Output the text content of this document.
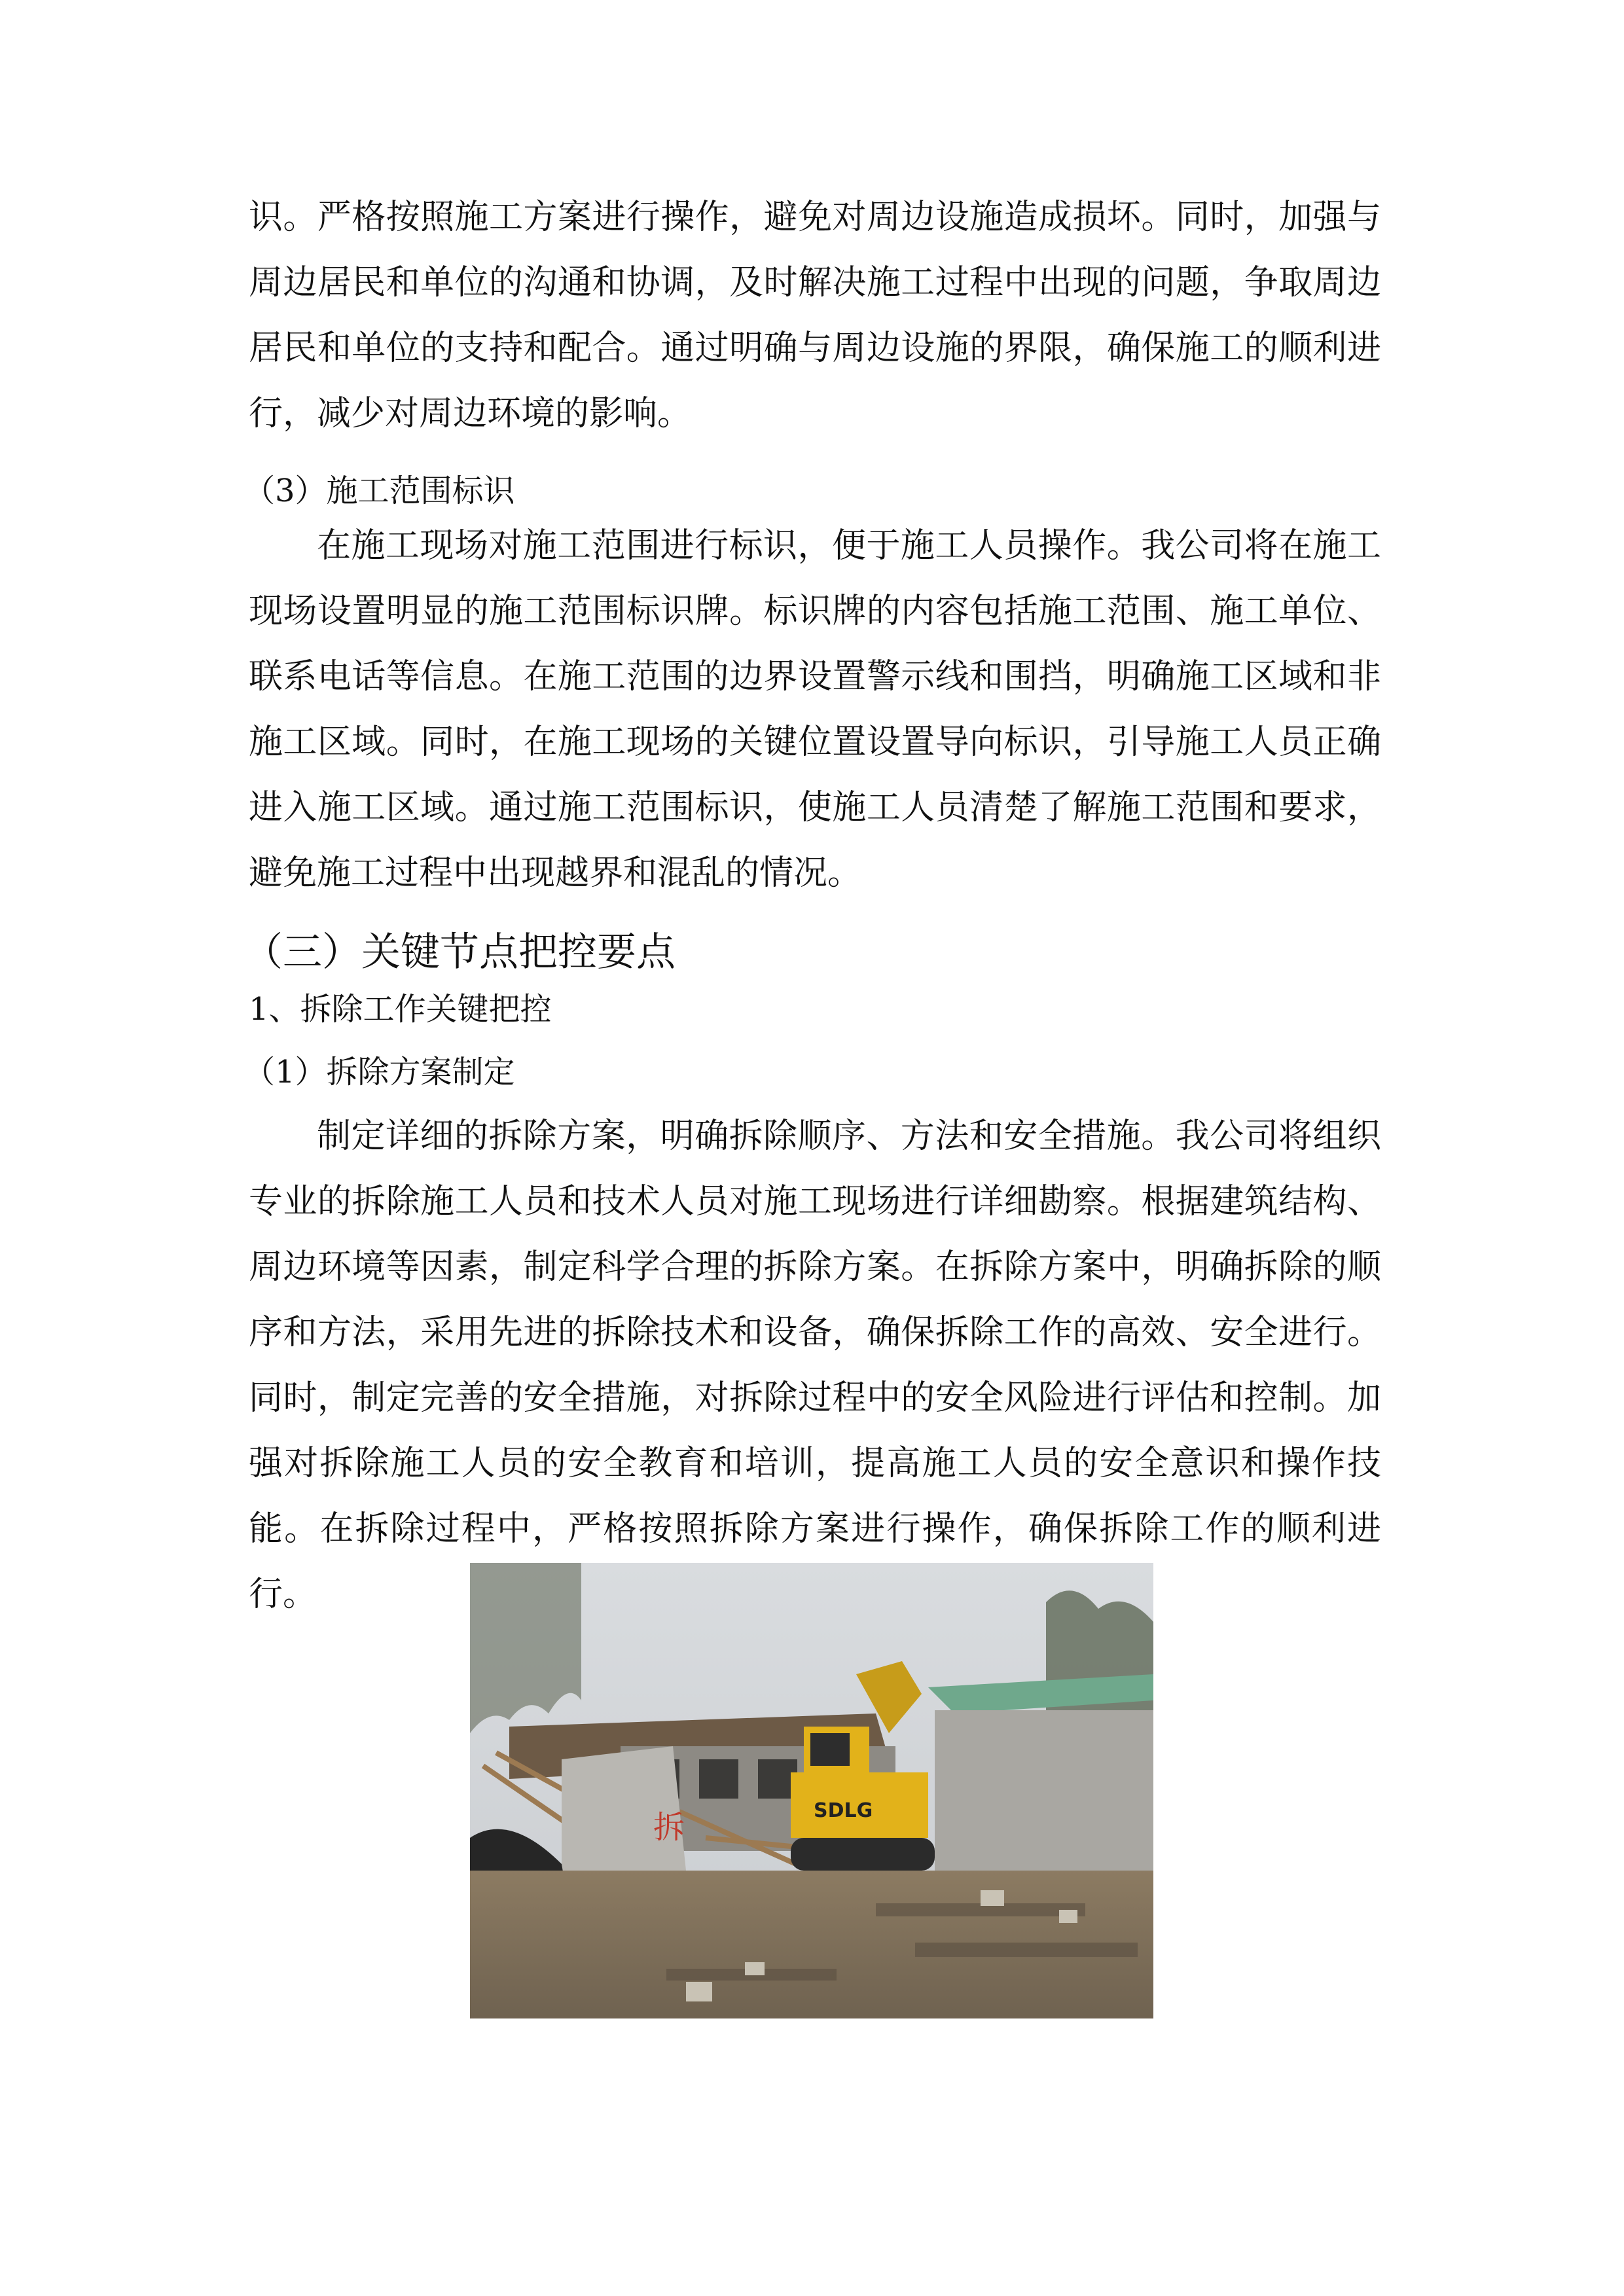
识。严格按照施工方案进行操作，避免对周边设施造成损坏。同时，加强与周边居民和单位的沟通和协调，及时解决施工过程中出现的问题，争取周边居民和单位的支持和配合。通过明确与周边设施的界限，确保施工的顺利进行，减少对周边环境的影响。

（3）施工范围标识

在施工现场对施工范围进行标识，便于施工人员操作。我公司将在施工现场设置明显的施工范围标识牌。标识牌的内容包括施工范围、施工单位、联系电话等信息。在施工范围的边界设置警示线和围挡，明确施工区域和非施工区域。同时，在施工现场的关键位置设置导向标识，引导施工人员正确进入施工区域。通过施工范围标识，使施工人员清楚了解施工范围和要求，避免施工过程中出现越界和混乱的情况。

（三）关键节点把控要点

1、拆除工作关键把控

（1）拆除方案制定

制定详细的拆除方案，明确拆除顺序、方法和安全措施。我公司将组织专业的拆除施工人员和技术人员对施工现场进行详细勘察。根据建筑结构、周边环境等因素，制定科学合理的拆除方案。在拆除方案中，明确拆除的顺序和方法，采用先进的拆除技术和设备，确保拆除工作的高效、安全进行。同时，制定完善的安全措施，对拆除过程中的安全风险进行评估和控制。加强对拆除施工人员的安全教育和培训，提高施工人员的安全意识和操作技能。在拆除过程中，严格按照拆除方案进行操作，确保拆除工作的顺利进行。

拆	SDLG
